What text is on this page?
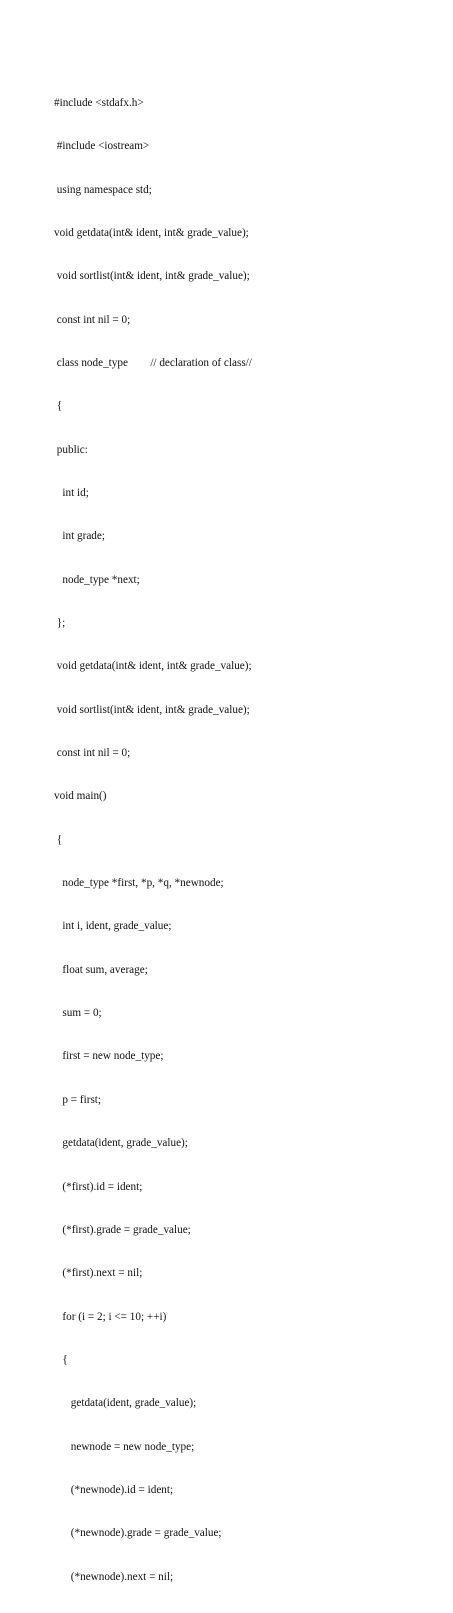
#include <stdafx.h>

#include <iostream>

using namespace std;

void getdata(int& ident, int& grade_value);

void sortlist(int& ident, int& grade_value);

const int nil = 0;

class node_type        // declaration of class//

{

public:

int id;

int grade;

node_type *next;

};

void getdata(int& ident, int& grade_value);

void sortlist(int& ident, int& grade_value);

const int nil = 0;

void main()

{

node_type *first, *p, *q, *newnode;

int i, ident, grade_value;

float sum, average;

sum = 0;

first = new node_type;

p = first;

getdata(ident, grade_value);

(*first).id = ident;

(*first).grade = grade_value;

(*first).next = nil;

for (i = 2; i <= 10; ++i)

{

getdata(ident, grade_value);

newnode = new node_type;

(*newnode).id = ident;

(*newnode).grade = grade_value;

(*newnode).next = nil;
